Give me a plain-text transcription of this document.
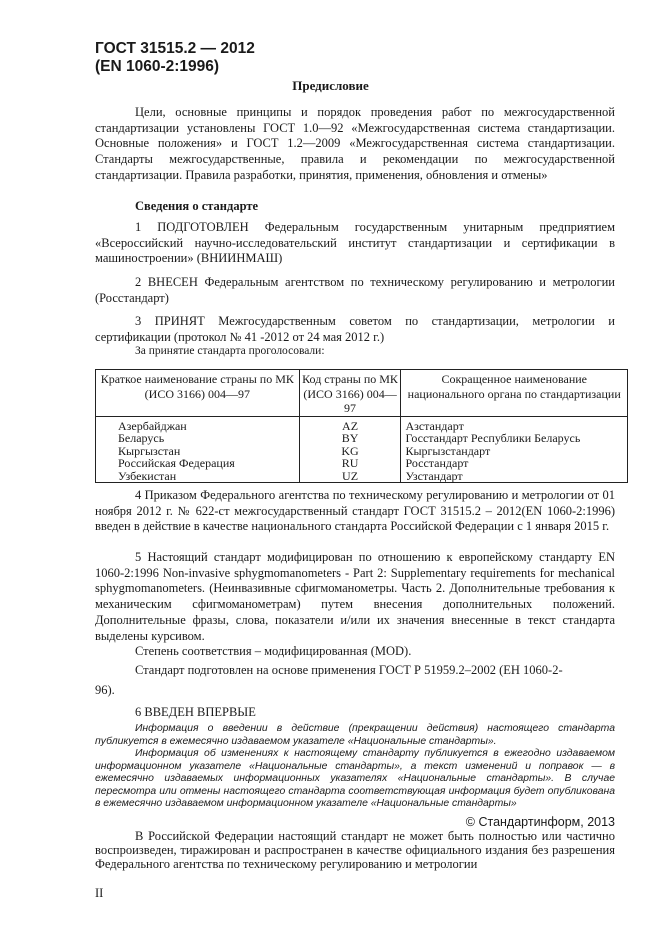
ГОСТ 31515.2 — 2012
(EN 1060-2:1996)
Предисловие
Цели, основные принципы и порядок проведения работ по межгосударственной стандартизации установлены ГОСТ 1.0—92 «Межгосударственная система стандартизации. Основные положения» и ГОСТ 1.2—2009 «Межгосударственная система стандартизации. Стандарты межгосударственные, правила и рекомендации по межгосударственной стандартизации. Правила разработки, принятия, применения, обновления и отмены»
Сведения о стандарте
1 ПОДГОТОВЛЕН Федеральным государственным унитарным предприятием «Всероссийский научно-исследовательский институт стандартизации и сертификации в машиностроении» (ВНИИНМАШ)
2 ВНЕСЕН Федеральным агентством по техническому регулированию и метрологии (Росстандарт)
3 ПРИНЯТ Межгосударственным советом по стандартизации, метрологии и сертификации (протокол № 41 -2012 от 24 мая 2012 г.)
За принятие стандарта проголосовали:
Краткое наименование страны по МК (ИСО 3166) 004—97	Код страны по МК (ИСО 3166) 004—97	Сокращенное наименование национального органа по стандартизации
Азербайджан	AZ	Азстандарт
Беларусь	BY	Госстандарт Республики Беларусь
Кыргызстан	KG	Кыргызстандарт
Российская Федерация	RU	Росстандарт
Узбекистан	UZ	Узстандарт
4 Приказом Федерального агентства по техническому регулированию и метрологии от 01 ноября 2012 г. № 622-ст межгосударственный стандарт ГОСТ 31515.2 – 2012(EN 1060-2:1996) введен в действие в качестве национального стандарта Российской Федерации с 1 января 2015 г.
5 Настоящий стандарт модифицирован по отношению к европейскому стандарту EN 1060-2:1996 Non-invasive sphygmomanometers - Part 2: Supplementary requirements for mechanical sphygmomanometers. (Неинвазивные сфигмоманометры. Часть 2. Дополнительные требования к механическим сфигмоманометрам) путем внесения дополнительных положений. Дополнительные фразы, слова, показатели и/или их значения внесенные в текст стандарта выделены курсивом.
Степень соответствия – модифицированная (MOD).
Стандарт подготовлен на основе применения ГОСТ Р 51959.2–2002 (ЕН 1060-2-
96).
6 ВВЕДЕН ВПЕРВЫЕ
Информация о введении в действие (прекращении действия) настоящего стандарта публикуется в ежемесячно издаваемом указателе «Национальные стандарты».
Информация об изменениях к настоящему стандарту публикуется в ежегодно издаваемом информационном указателе «Национальные стандарты», а текст изменений и поправок — в ежемесячно издаваемых информационных указателях «Национальные стандарты». В случае пересмотра или отмены настоящего стандарта соответствующая информация будет опубликована в ежемесячно издаваемом информационном указателе «Национальные стандарты»
© Стандартинформ, 2013
В Российской Федерации настоящий стандарт не может быть полностью или частично воспроизведен, тиражирован и распространен в качестве официального издания без разрешения Федерального агентства по техническому регулированию и метрологии
II
